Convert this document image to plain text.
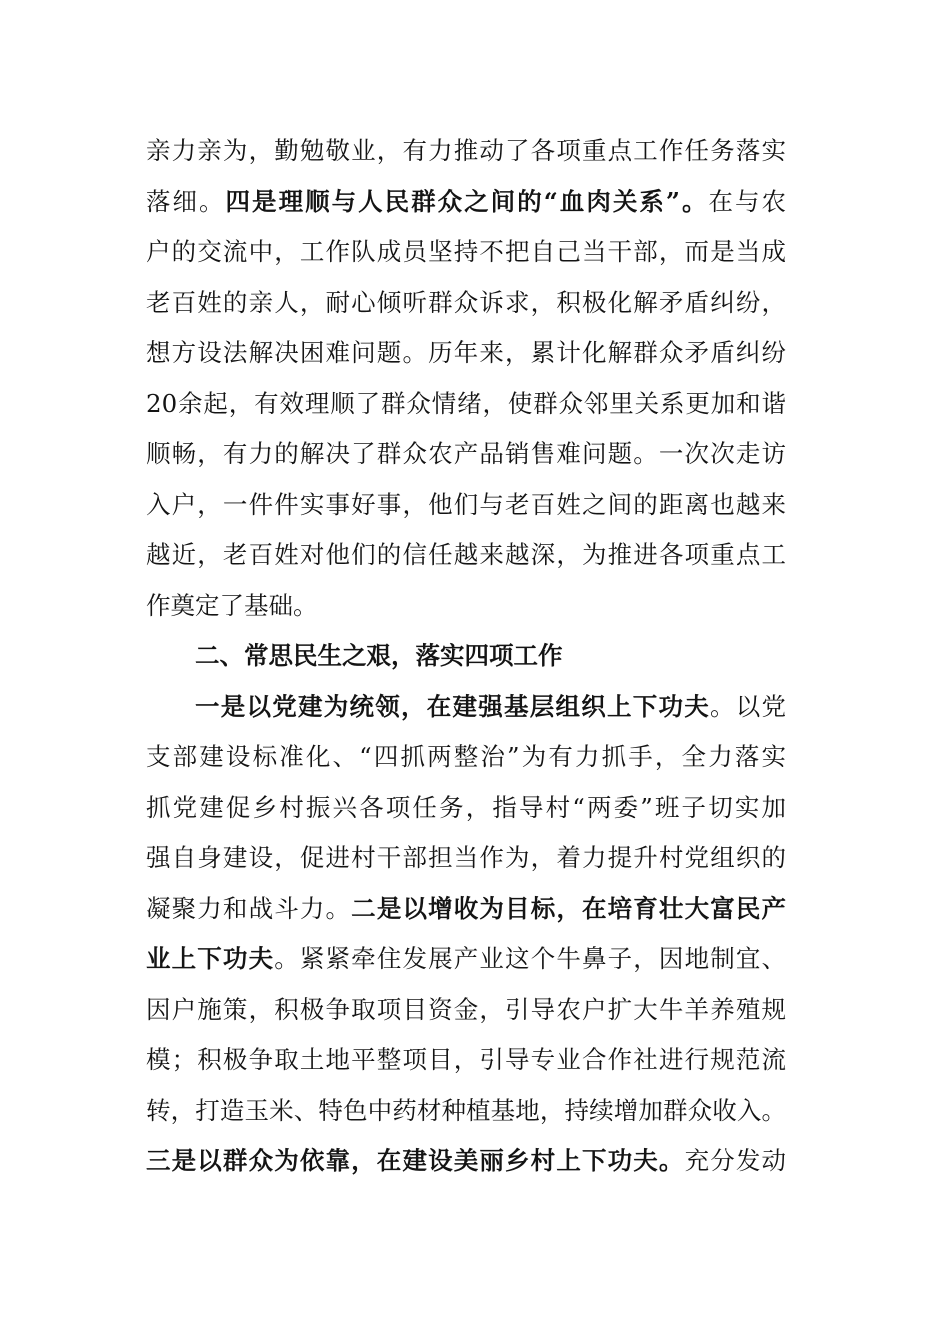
亲力亲为，勤勉敬业，有力推动了各项重点工作任务落实
落细。四是理顺与人民群众之间的“血肉关系”。在与农
户的交流中，工作队成员坚持不把自己当干部，而是当成
老百姓的亲人，耐心倾听群众诉求，积极化解矛盾纠纷，
想方设法解决困难问题。历年来，累计化解群众矛盾纠纷
20余起，有效理顺了群众情绪，使群众邻里关系更加和谐
顺畅，有力的解决了群众农产品销售难问题。一次次走访
入户，一件件实事好事，他们与老百姓之间的距离也越来
越近，老百姓对他们的信任越来越深，为推进各项重点工
作奠定了基础。
二、常思民生之艰，落实四项工作
一是以党建为统领，在建强基层组织上下功夫。以党
支部建设标准化、“四抓两整治”为有力抓手，全力落实
抓党建促乡村振兴各项任务，指导村“两委”班子切实加
强自身建设，促进村干部担当作为，着力提升村党组织的
凝聚力和战斗力。二是以增收为目标，在培育壮大富民产
业上下功夫。紧紧牵住发展产业这个牛鼻子，因地制宜、
因户施策，积极争取项目资金，引导农户扩大牛羊养殖规
模；积极争取土地平整项目，引导专业合作社进行规范流
转，打造玉米、特色中药材种植基地，持续增加群众收入。
三是以群众为依靠，在建设美丽乡村上下功夫。充分发动
